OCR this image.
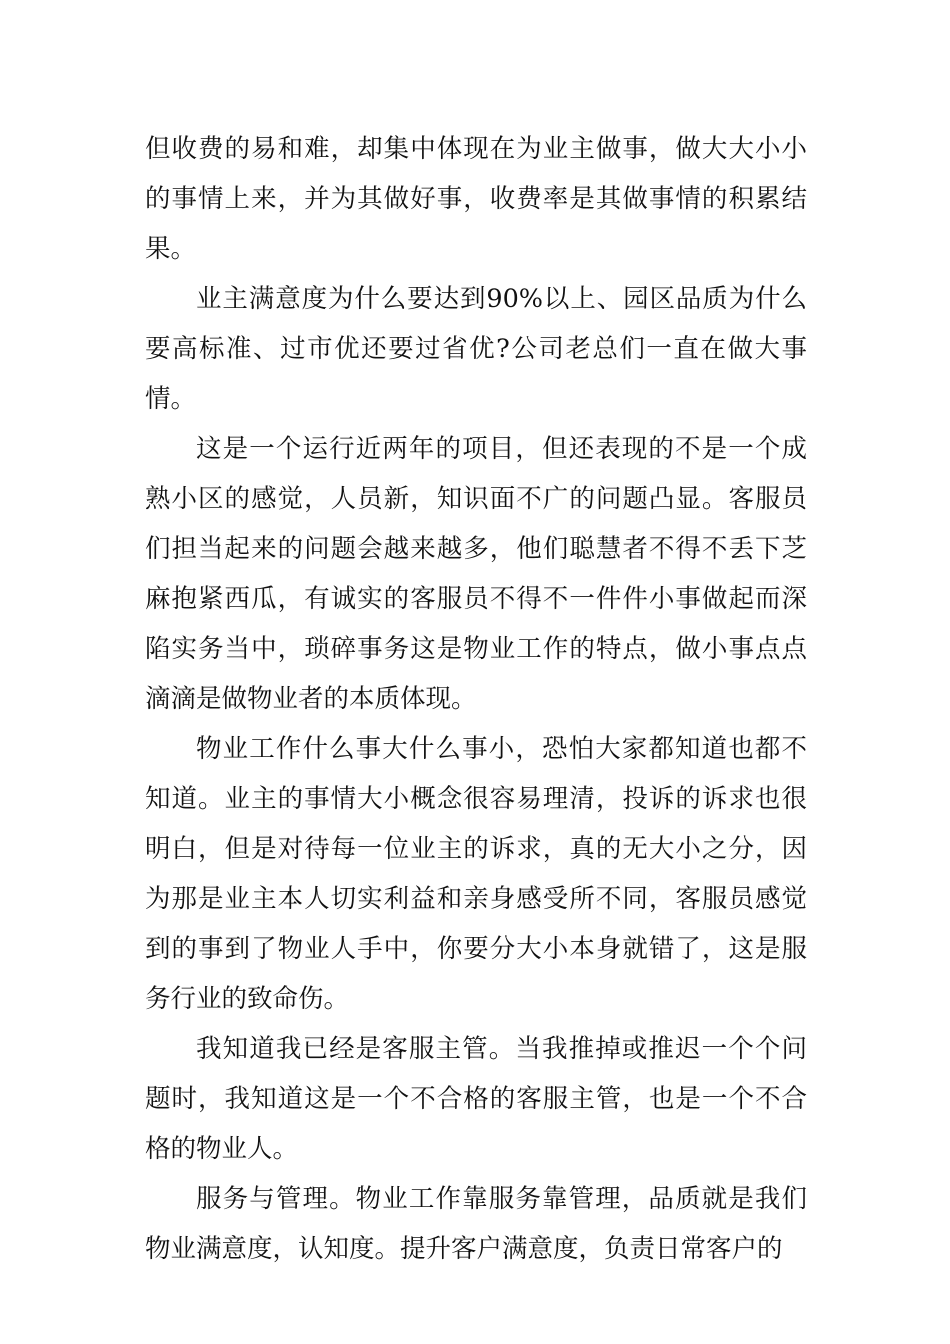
但收费的易和难，却集中体现在为业主做事，做大大小小的事情上来，并为其做好事，收费率是其做事情的积累结果。

业主满意度为什么要达到90%以上、园区品质为什么要高标准、过市优还要过省优?公司老总们一直在做大事情。

这是一个运行近两年的项目，但还表现的不是一个成熟小区的感觉，人员新，知识面不广的问题凸显。客服员们担当起来的问题会越来越多，他们聪慧者不得不丢下芝麻抱紧西瓜，有诚实的客服员不得不一件件小事做起而深陷实务当中，琐碎事务这是物业工作的特点，做小事点点滴滴是做物业者的本质体现。

物业工作什么事大什么事小，恐怕大家都知道也都不知道。业主的事情大小概念很容易理清，投诉的诉求也很明白，但是对待每一位业主的诉求，真的无大小之分，因为那是业主本人切实利益和亲身感受所不同，客服员感觉到的事到了物业人手中，你要分大小本身就错了，这是服务行业的致命伤。

我知道我已经是客服主管。当我推掉或推迟一个个问题时，我知道这是一个不合格的客服主管，也是一个不合格的物业人。

服务与管理。物业工作靠服务靠管理，品质就是我们物业满意度，认知度。提升客户满意度，负责日常客户的
